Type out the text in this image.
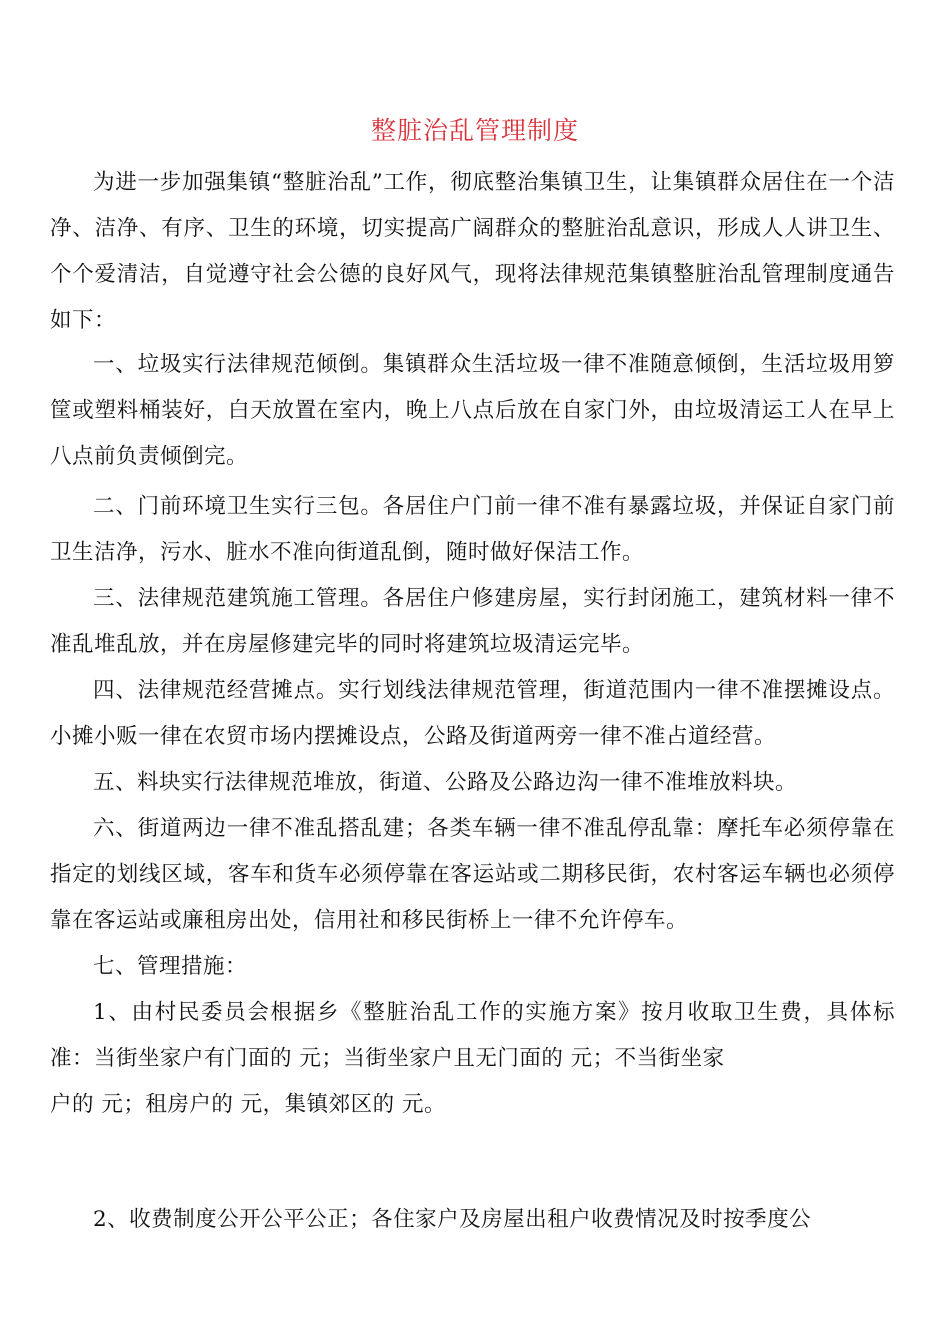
整脏治乱管理制度

为进一步加强集镇“整脏治乱”工作，彻底整治集镇卫生，让集镇群众居住在一个洁净、洁净、有序、卫生的环境，切实提高广阔群众的整脏治乱意识，形成人人讲卫生、个个爱清洁，自觉遵守社会公德的良好风气，现将法律规范集镇整脏治乱管理制度通告如下：

一、垃圾实行法律规范倾倒。集镇群众生活垃圾一律不准随意倾倒，生活垃圾用箩筐或塑料桶装好，白天放置在室内，晚上八点后放在自家门外，由垃圾清运工人在早上八点前负责倾倒完。

二、门前环境卫生实行三包。各居住户门前一律不准有暴露垃圾，并保证自家门前卫生洁净，污水、脏水不准向街道乱倒，随时做好保洁工作。

三、法律规范建筑施工管理。各居住户修建房屋，实行封闭施工，建筑材料一律不准乱堆乱放，并在房屋修建完毕的同时将建筑垃圾清运完毕。

四、法律规范经营摊点。实行划线法律规范管理，街道范围内一律不准摆摊设点。小摊小贩一律在农贸市场内摆摊设点，公路及街道两旁一律不准占道经营。

五、料块实行法律规范堆放，街道、公路及公路边沟一律不准堆放料块。

六、街道两边一律不准乱搭乱建；各类车辆一律不准乱停乱靠：摩托车必须停靠在指定的划线区域，客车和货车必须停靠在客运站或二期移民街，农村客运车辆也必须停靠在客运站或廉租房出处，信用社和移民街桥上一律不允许停车。

七、管理措施：

1、由村民委员会根据乡《整脏治乱工作的实施方案》按月收取卫生费，具体标准：当街坐家户有门面的 元；当街坐家户且无门面的 元；不当街坐家

户的 元；租房户的 元，集镇郊区的 元。

2、收费制度公开公平公正；各住家户及房屋出租户收费情况及时按季度公
